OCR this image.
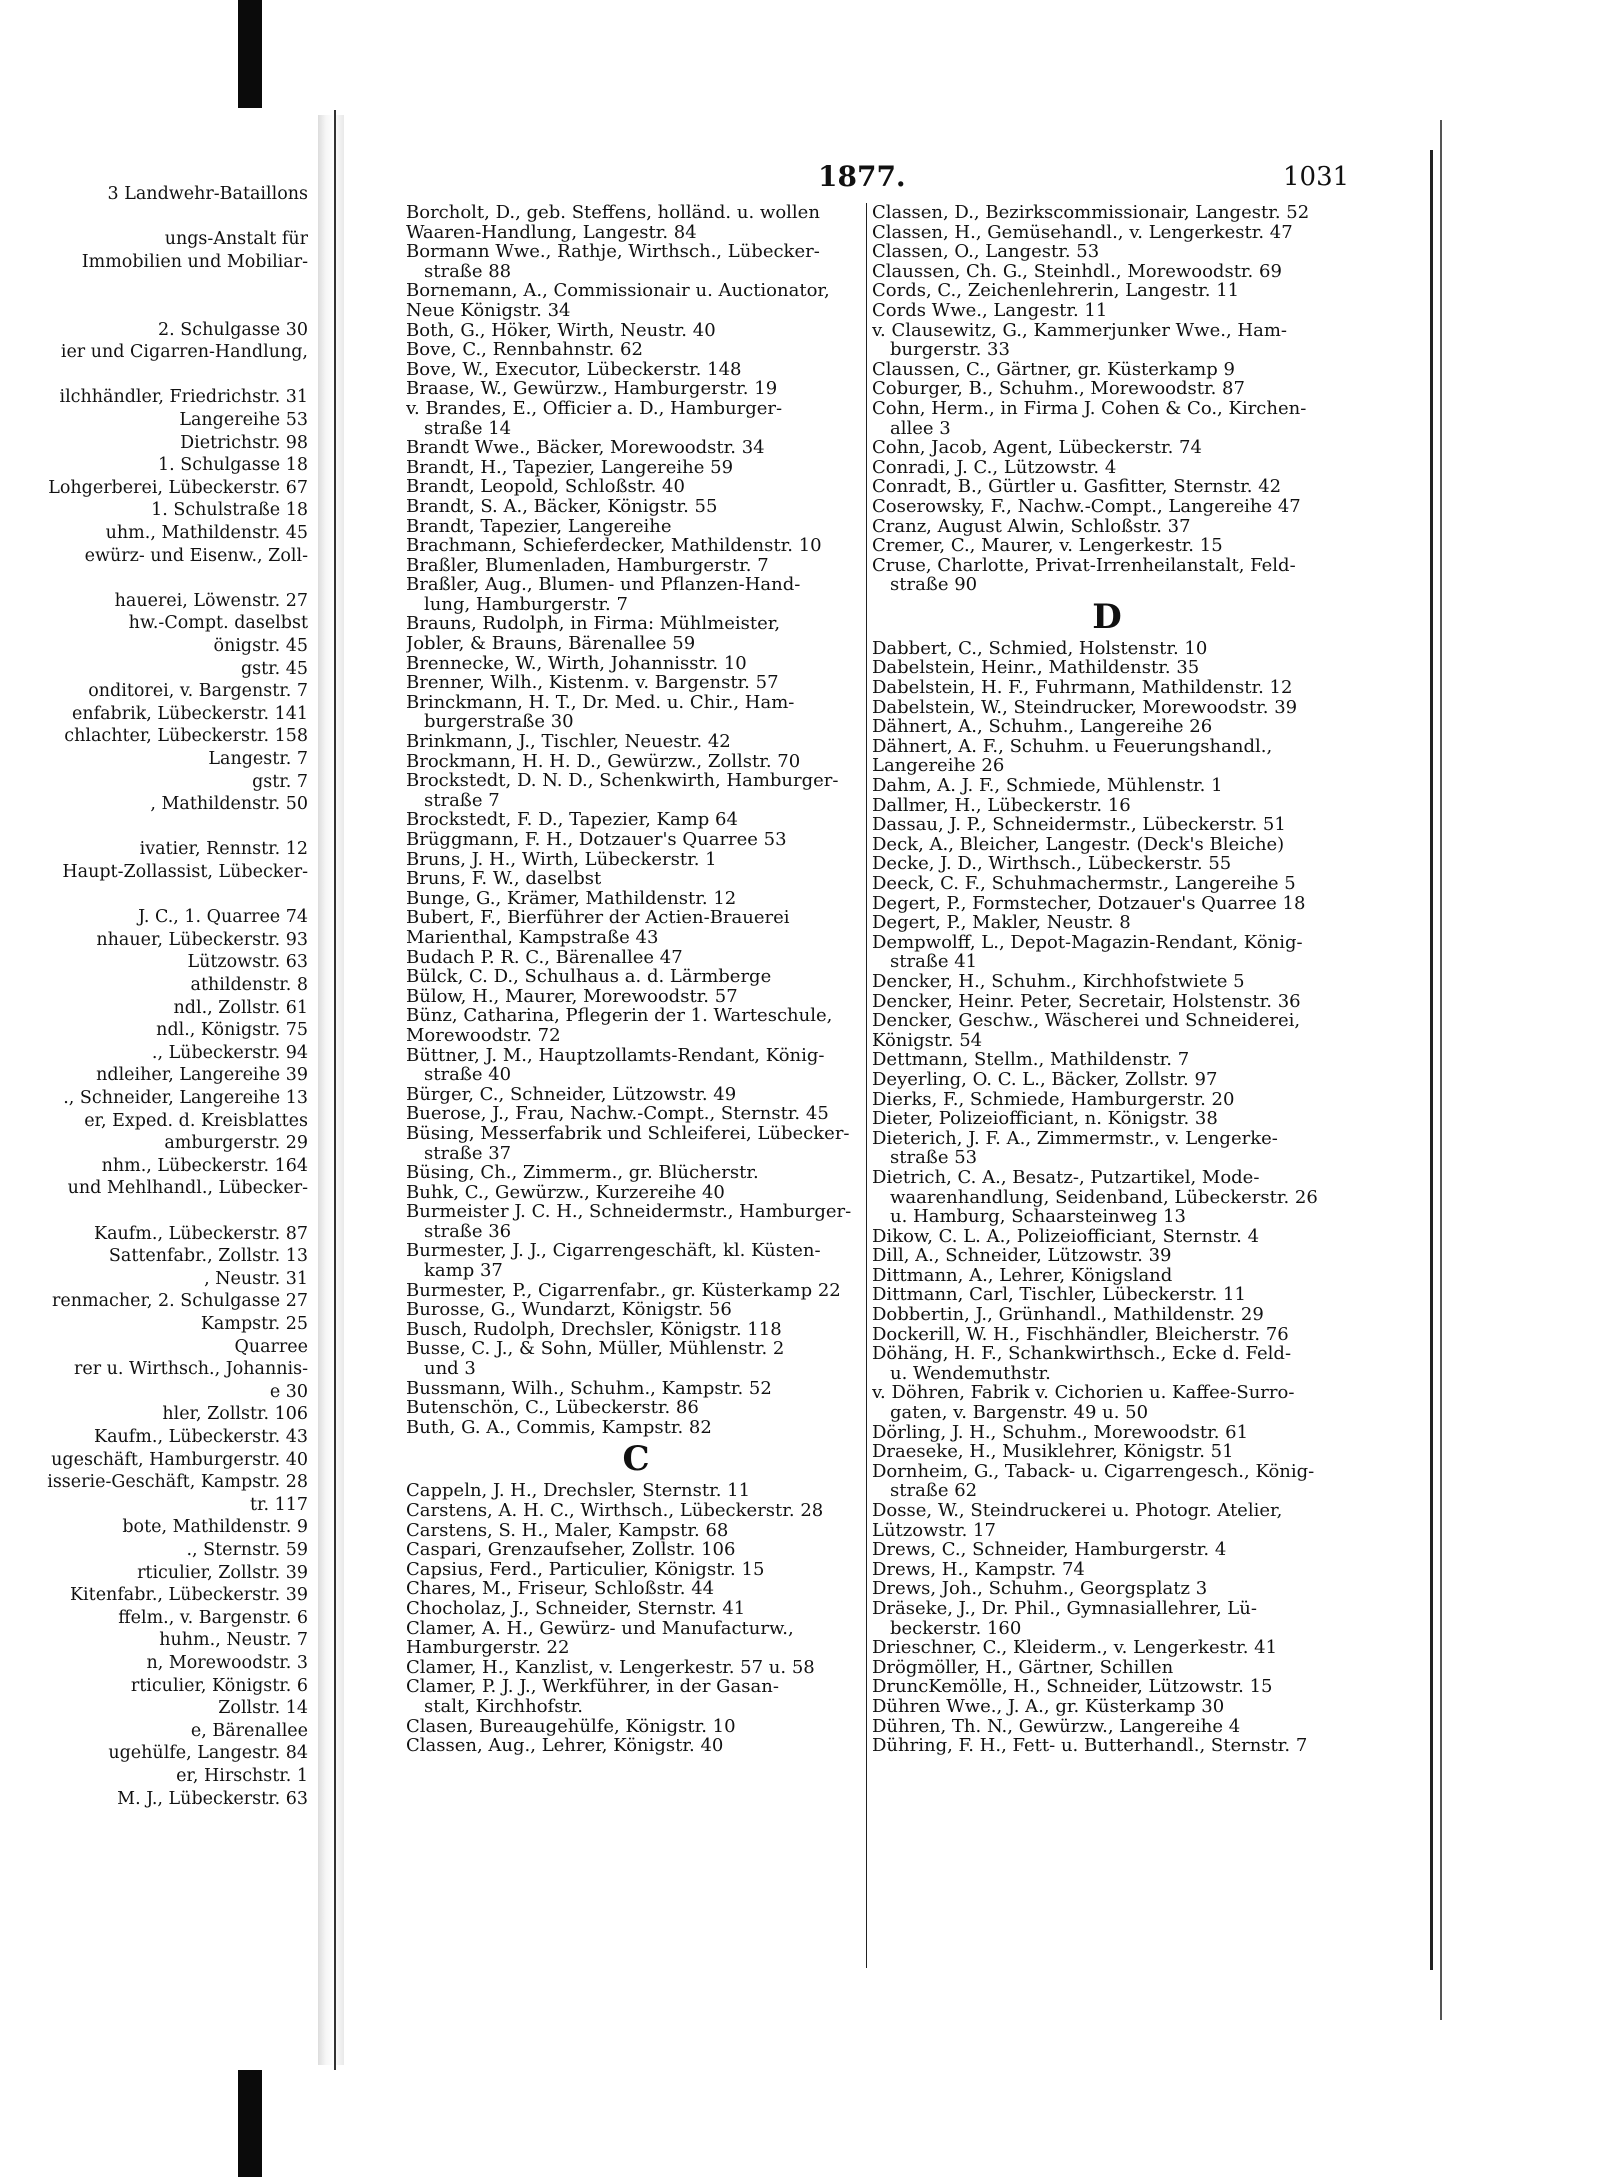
3 Landwehr-Bataillons
ungs-Anstalt für
Immobilien und Mobiliar-
2. Schulgasse 30
ier und Cigarren-Handlung,
ilchhändler, Friedrichstr. 31
Langereihe 53
Dietrichstr. 98
1. Schulgasse 18
Lohgerberei, Lübeckerstr. 67
1. Schulstraße 18
uhm., Mathildenstr. 45
ewürz- und Eisenw., Zoll-
hauerei, Löwenstr. 27
hw.-Compt. daselbst
önigstr. 45
gstr. 45
onditorei, v. Bargenstr. 7
enfabrik, Lübeckerstr. 141
chlachter, Lübeckerstr. 158
Langestr. 7
gstr. 7
, Mathildenstr. 50
ivatier, Rennstr. 12
Haupt-Zollassist, Lübecker-
J. C., 1. Quarree 74
nhauer, Lübeckerstr. 93
Lützowstr. 63
athildenstr. 8
ndl., Zollstr. 61
ndl., Königstr. 75
., Lübeckerstr. 94
ndleiher, Langereihe 39
., Schneider, Langereihe 13
er, Exped. d. Kreisblattes
amburgerstr. 29
nhm., Lübeckerstr. 164
und Mehlhandl., Lübecker-
Kaufm., Lübeckerstr. 87
Sattenfabr., Zollstr. 13
, Neustr. 31
renmacher, 2. Schulgasse 27
Kampstr. 25
Quarree
rer u. Wirthsch., Johannis-
e 30
hler, Zollstr. 106
Kaufm., Lübeckerstr. 43
ugeschäft, Hamburgerstr. 40
isserie-Geschäft, Kampstr. 28
tr. 117
bote, Mathildenstr. 9
., Sternstr. 59
rticulier, Zollstr. 39
Kitenfabr., Lübeckerstr. 39
ffelm., v. Bargenstr. 6
huhm., Neustr. 7
n, Morewoodstr. 3
rticulier, Königstr. 6
Zollstr. 14
e, Bärenallee
ugehülfe, Langestr. 84
er, Hirschstr. 1
M. J., Lübeckerstr. 63
1877.	1031
Borcholt, D., geb. Steffens, holländ. u. wollen
Waaren-Handlung, Langestr. 84
Bormann Wwe., Rathje, Wirthsch., Lübecker-
straße 88
Bornemann, A., Commissionair u. Auctionator,
Neue Königstr. 34
Both, G., Höker, Wirth, Neustr. 40
Bove, C., Rennbahnstr. 62
Bove, W., Executor, Lübeckerstr. 148
Braase, W., Gewürzw., Hamburgerstr. 19
v. Brandes, E., Officier a. D., Hamburger-
straße 14
Brandt Wwe., Bäcker, Morewoodstr. 34
Brandt, H., Tapezier, Langereihe 59
Brandt, Leopold, Schloßstr. 40
Brandt, S. A., Bäcker, Königstr. 55
Brandt, Tapezier, Langereihe
Brachmann, Schieferdecker, Mathildenstr. 10
Braßler, Blumenladen, Hamburgerstr. 7
Braßler, Aug., Blumen- und Pflanzen-Hand-
lung, Hamburgerstr. 7
Brauns, Rudolph, in Firma: Mühlmeister,
Jobler, & Brauns, Bärenallee 59
Brennecke, W., Wirth, Johannisstr. 10
Brenner, Wilh., Kistenm. v. Bargenstr. 57
Brinckmann, H. T., Dr. Med. u. Chir., Ham-
burgerstraße 30
Brinkmann, J., Tischler, Neuestr. 42
Brockmann, H. H. D., Gewürzw., Zollstr. 70
Brockstedt, D. N. D., Schenkwirth, Hamburger-
straße 7
Brockstedt, F. D., Tapezier, Kamp 64
Brüggmann, F. H., Dotzauer's Quarree 53
Bruns, J. H., Wirth, Lübeckerstr. 1
Bruns, F. W., daselbst
Bunge, G., Krämer, Mathildenstr. 12
Bubert, F., Bierführer der Actien-Brauerei
Marienthal, Kampstraße 43
Budach P. R. C., Bärenallee 47
Bülck, C. D., Schulhaus a. d. Lärmberge
Bülow, H., Maurer, Morewoodstr. 57
Bünz, Catharina, Pflegerin der 1. Warteschule,
Morewoodstr. 72
Büttner, J. M., Hauptzollamts-Rendant, König-
straße 40
Bürger, C., Schneider, Lützowstr. 49
Buerose, J., Frau, Nachw.-Compt., Sternstr. 45
Büsing, Messerfabrik und Schleiferei, Lübecker-
straße 37
Büsing, Ch., Zimmerm., gr. Blücherstr.
Buhk, C., Gewürzw., Kurzereihe 40
Burmeister J. C. H., Schneidermstr., Hamburger-
straße 36
Burmester, J. J., Cigarrengeschäft, kl. Küsten-
kamp 37
Burmester, P., Cigarrenfabr., gr. Küsterkamp 22
Burosse, G., Wundarzt, Königstr. 56
Busch, Rudolph, Drechsler, Königstr. 118
Busse, C. J., & Sohn, Müller, Mühlenstr. 2
und 3
Bussmann, Wilh., Schuhm., Kampstr. 52
Butenschön, C., Lübeckerstr. 86
Buth, G. A., Commis, Kampstr. 82
C
Cappeln, J. H., Drechsler, Sternstr. 11
Carstens, A. H. C., Wirthsch., Lübeckerstr. 28
Carstens, S. H., Maler, Kampstr. 68
Caspari, Grenzaufseher, Zollstr. 106
Capsius, Ferd., Particulier, Königstr. 15
Chares, M., Friseur, Schloßstr. 44
Chocholaz, J., Schneider, Sternstr. 41
Clamer, A. H., Gewürz- und Manufacturw.,
Hamburgerstr. 22
Clamer, H., Kanzlist, v. Lengerkestr. 57 u. 58
Clamer, P. J. J., Werkführer, in der Gasan-
stalt, Kirchhofstr.
Clasen, Bureaugehülfe, Königstr. 10
Classen, Aug., Lehrer, Königstr. 40
Classen, D., Bezirkscommissionair, Langestr. 52
Classen, H., Gemüsehandl., v. Lengerkestr. 47
Classen, O., Langestr. 53
Claussen, Ch. G., Steinhdl., Morewoodstr. 69
Cords, C., Zeichenlehrerin, Langestr. 11
Cords Wwe., Langestr. 11
v. Clausewitz, G., Kammerjunker Wwe., Ham-
burgerstr. 33
Claussen, C., Gärtner, gr. Küsterkamp 9
Coburger, B., Schuhm., Morewoodstr. 87
Cohn, Herm., in Firma J. Cohen & Co., Kirchen-
allee 3
Cohn, Jacob, Agent, Lübeckerstr. 74
Conradi, J. C., Lützowstr. 4
Conradt, B., Gürtler u. Gasfitter, Sternstr. 42
Coserowsky, F., Nachw.-Compt., Langereihe 47
Cranz, August Alwin, Schloßstr. 37
Cremer, C., Maurer, v. Lengerkestr. 15
Cruse, Charlotte, Privat-Irrenheilanstalt, Feld-
straße 90
D
Dabbert, C., Schmied, Holstenstr. 10
Dabelstein, Heinr., Mathildenstr. 35
Dabelstein, H. F., Fuhrmann, Mathildenstr. 12
Dabelstein, W., Steindrucker, Morewoodstr. 39
Dähnert, A., Schuhm., Langereihe 26
Dähnert, A. F., Schuhm. u Feuerungshandl.,
Langereihe 26
Dahm, A. J. F., Schmiede, Mühlenstr. 1
Dallmer, H., Lübeckerstr. 16
Dassau, J. P., Schneidermstr., Lübeckerstr. 51
Deck, A., Bleicher, Langestr. (Deck's Bleiche)
Decke, J. D., Wirthsch., Lübeckerstr. 55
Deeck, C. F., Schuhmachermstr., Langereihe 5
Degert, P., Formstecher, Dotzauer's Quarree 18
Degert, P., Makler, Neustr. 8
Dempwolff, L., Depot-Magazin-Rendant, König-
straße 41
Dencker, H., Schuhm., Kirchhofstwiete 5
Dencker, Heinr. Peter, Secretair, Holstenstr. 36
Dencker, Geschw., Wäscherei und Schneiderei,
Königstr. 54
Dettmann, Stellm., Mathildenstr. 7
Deyerling, O. C. L., Bäcker, Zollstr. 97
Dierks, F., Schmiede, Hamburgerstr. 20
Dieter, Polizeiofficiant, n. Königstr. 38
Dieterich, J. F. A., Zimmermstr., v. Lengerke-
straße 53
Dietrich, C. A., Besatz-, Putzartikel, Mode-
waarenhandlung, Seidenband, Lübeckerstr. 26
u. Hamburg, Schaarsteinweg 13
Dikow, C. L. A., Polizeiofficiant, Sternstr. 4
Dill, A., Schneider, Lützowstr. 39
Dittmann, A., Lehrer, Königsland
Dittmann, Carl, Tischler, Lübeckerstr. 11
Dobbertin, J., Grünhandl., Mathildenstr. 29
Dockerill, W. H., Fischhändler, Bleicherstr. 76
Döhäng, H. F., Schankwirthsch., Ecke d. Feld-
u. Wendemuthstr.
v. Döhren, Fabrik v. Cichorien u. Kaffee-Surro-
gaten, v. Bargenstr. 49 u. 50
Dörling, J. H., Schuhm., Morewoodstr. 61
Draeseke, H., Musiklehrer, Königstr. 51
Dornheim, G., Taback- u. Cigarrengesch., König-
straße 62
Dosse, W., Steindruckerei u. Photogr. Atelier,
Lützowstr. 17
Drews, C., Schneider, Hamburgerstr. 4
Drews, H., Kampstr. 74
Drews, Joh., Schuhm., Georgsplatz 3
Dräseke, J., Dr. Phil., Gymnasiallehrer, Lü-
beckerstr. 160
Drieschner, C., Kleiderm., v. Lengerkestr. 41
Drögmöller, H., Gärtner, Schillen
DruncKemölle, H., Schneider, Lützowstr. 15
Dühren Wwe., J. A., gr. Küsterkamp 30
Dühren, Th. N., Gewürzw., Langereihe 4
Dühring, F. H., Fett- u. Butterhandl., Sternstr. 7
